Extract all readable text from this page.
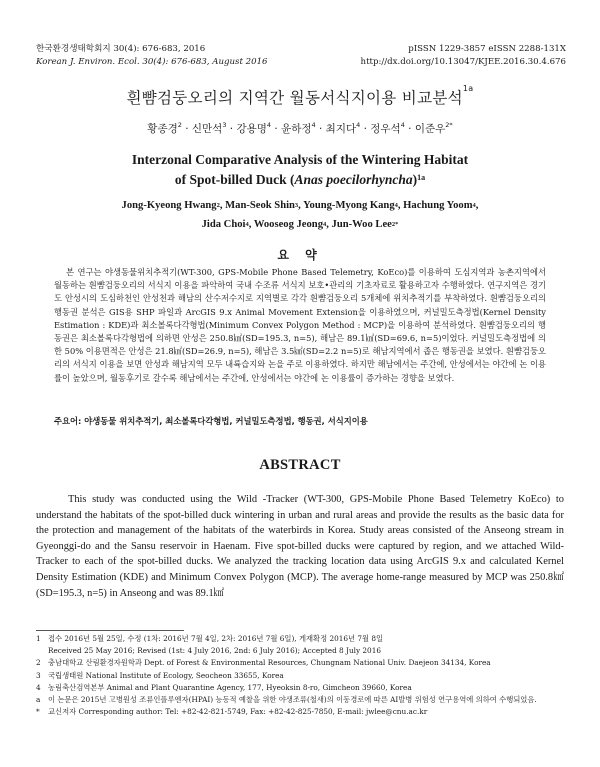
한국환경생태학회지 30(4): 676-683, 2016
Korean J. Environ. Ecol. 30(4): 676-683, August 2016
pISSN 1229-3857 eISSN 2288-131X
http://dx.doi.org/10.13047/KJEE.2016.30.4.676
흰뺨검둥오리의 지역간 월동서식지이용 비교분석$^{1a}$
황종경$^2$ · 신만석$^3$ · 강용명$^4$ · 윤하정$^4$ · 최지다$^4$ · 정우석$^4$ · 이준우$^{2*}$
Interzonal Comparative Analysis of the Wintering Habitat
of Spot-billed Duck (Anas poecilorhyncha)$^{1a}$
Jong-Kyeong Hwang$^2$, Man-Seok Shin$^3$, Young-Myong Kang$^4$, Hachung Yoom$^4$,
Jida Choi$^4$, Wooseog Jeong$^4$, Jun-Woo Lee$^{2*}$
요 약
본 연구는 야생동물위치추적기(WT-300, GPS-Mobile Phone Based Telemetry, KoEco)를 이용하여 도심지역과 농촌지역에서 월동하는 흰뺨검둥오리의 서식지 이용을 파악하여 국내 수조류 서식지 보호•관리의 기초자료로 활용하고자 수행하였다. 연구지역은 경기도 안성시의 도심하천인 안성천과 해남의 산수저수지로 지역별로 각각 흰뺨검둥오리 5개체에 위치추적기를 부착하였다. 흰뺨검둥오리의 행동권 분석은 GIS용 SHP 파일과 ArcGIS 9.x Animal Movement Extension을 이용하였으며, 커널밀도측정법(Kernel Density Estimation : KDE)과 최소볼록다각형법(Minimum Convex Polygon Method : MCP)을 이용하여 분석하였다. 흰뺨검둥오리의 행동권은 최소볼록다각형법에 의하면 안성은 250.8㎢(SD=195.3, n=5), 해남은 89.1㎢(SD=69.6, n=5)이었다. 커널밀도측정법에 의한 50% 이용면적은 안성은 21.8㎢(SD=26.9, n=5), 해남은 3.5㎢(SD=2.2 n=5)로 해남지역에서 좁은 행동권을 보였다. 흰뺨검둥오리의 서식지 이용을 보면 안성과 해남지역 모두 내륙습지와 논을 주로 이용하였다. 하지만 해남에서는 주간에, 안성에서는 야간에 논 이용률이 높았으며, 월동후기로 갈수록 해남에서는 주간에, 안성에서는 야간에 논 이용률이 증가하는 경향을 보였다.
주요어: 야생동물 위치추적기, 최소볼록다각형법, 커널밀도측정법, 행동권, 서식지이용
ABSTRACT
This study was conducted using the Wild -Tracker (WT-300, GPS-Mobile Phone Based Telemetry KoEco) to understand the habitats of the spot-billed duck wintering in urban and rural areas and provide the results as the basic data for the protection and management of the habitats of the waterbirds in Korea. Study areas consisted of the Anseong stream in Gyeonggi-do and the Sansu reservoir in Haenam. Five spot-billed ducks were captured by region, and we attached Wild-Tracker to each of the spot-billed ducks. We analyzed the tracking location data using ArcGIS 9.x and calculated Kernel Density Estimation (KDE) and Minimum Convex Polygon (MCP). The average home-range measured by MCP was 250.8㎢ (SD=195.3, n=5) in Anseong and was 89.1㎢
1	접수 2016년 5월 25일, 수정 (1차: 2016년 7월 4일, 2차: 2016년 7월 6일), 게재확정 2016년 7월 8일
Received 25 May 2016; Revised (1st: 4 July 2016, 2nd: 6 July 2016); Accepted 8 July 2016
2	충남대학교 산림환경자원학과 Dept. of Forest & Environmental Resources, Chungnam National Univ. Daejeon 34134, Korea
3	국립생태원 National Institute of Ecology, Seocheon 33655, Korea
4	농림축산검역본부 Animal and Plant Quarantine Agency, 177, Hyeoksin 8-ro, Gimcheon 39660, Korea
a	이 논문은 2015년 고병원성 조류인플루엔자(HPAI) 능동적 예찰을 위한 야생조류(철새)의 이동경로에 따른 AI발병 위험성 연구용역에 의하여 수행되었음.
*	교신저자 Corresponding author: Tel: +82-42-821-5749, Fax: +82-42-825-7850, E-mail: jwlee@cnu.ac.kr
